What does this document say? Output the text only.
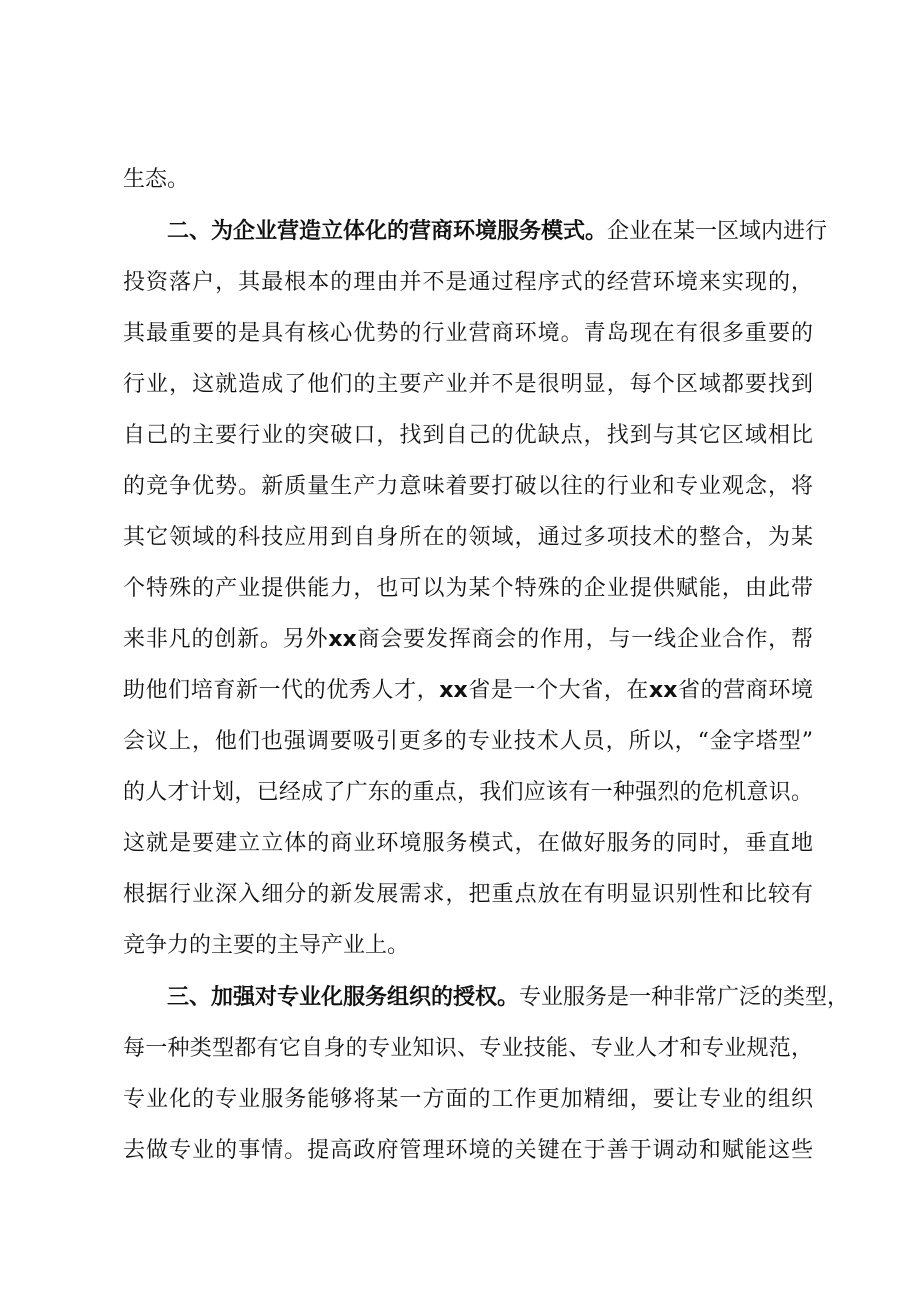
生态。
二、为企业营造立体化的营商环境服务模式。企业在某一区域内进行
投资落户，其最根本的理由并不是通过程序式的经营环境来实现的，
其最重要的是具有核心优势的行业营商环境。青岛现在有很多重要的
行业，这就造成了他们的主要产业并不是很明显，每个区域都要找到
自己的主要行业的突破口，找到自己的优缺点，找到与其它区域相比
的竞争优势。新质量生产力意味着要打破以往的行业和专业观念，将
其它领域的科技应用到自身所在的领域，通过多项技术的整合，为某
个特殊的产业提供能力，也可以为某个特殊的企业提供赋能，由此带
来非凡的创新。另外xx商会要发挥商会的作用，与一线企业合作，帮
助他们培育新一代的优秀人才，xx省是一个大省，在xx省的营商环境
会议上，他们也强调要吸引更多的专业技术人员，所以，“金字塔型”
的人才计划，已经成了广东的重点，我们应该有一种强烈的危机意识。
这就是要建立立体的商业环境服务模式，在做好服务的同时，垂直地
根据行业深入细分的新发展需求，把重点放在有明显识别性和比较有
竞争力的主要的主导产业上。
三、加强对专业化服务组织的授权。专业服务是一种非常广泛的类型，
每一种类型都有它自身的专业知识、专业技能、专业人才和专业规范，
专业化的专业服务能够将某一方面的工作更加精细，要让专业的组织
去做专业的事情。提高政府管理环境的关键在于善于调动和赋能这些
